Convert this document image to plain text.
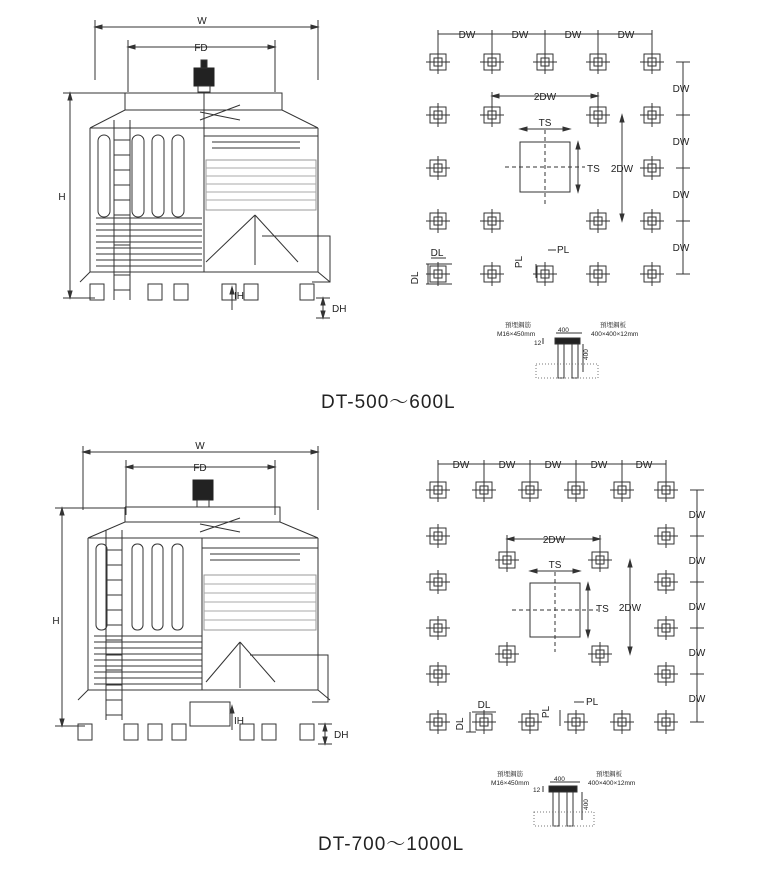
W
FD
H
IH
DH
DW	DW	DW	DW
DW
DW
DW
DW
2DW
2DW
TS
TS
DL
DL
PL
PL
預埋鋼筋
M16×450mm
預埋鋼板
400×400×12mm
400
400
12
DT-500～600L
W
FD
H
IH
DH
DW	DW	DW	DW	DW
DW
DW
DW
DW
DW
2DW
2DW
TS
TS
DL
DL
PL
PL
預埋鋼筋
M16×450mm
預埋鋼板
400×400×12mm
400
400
12
DT-700～1000L
